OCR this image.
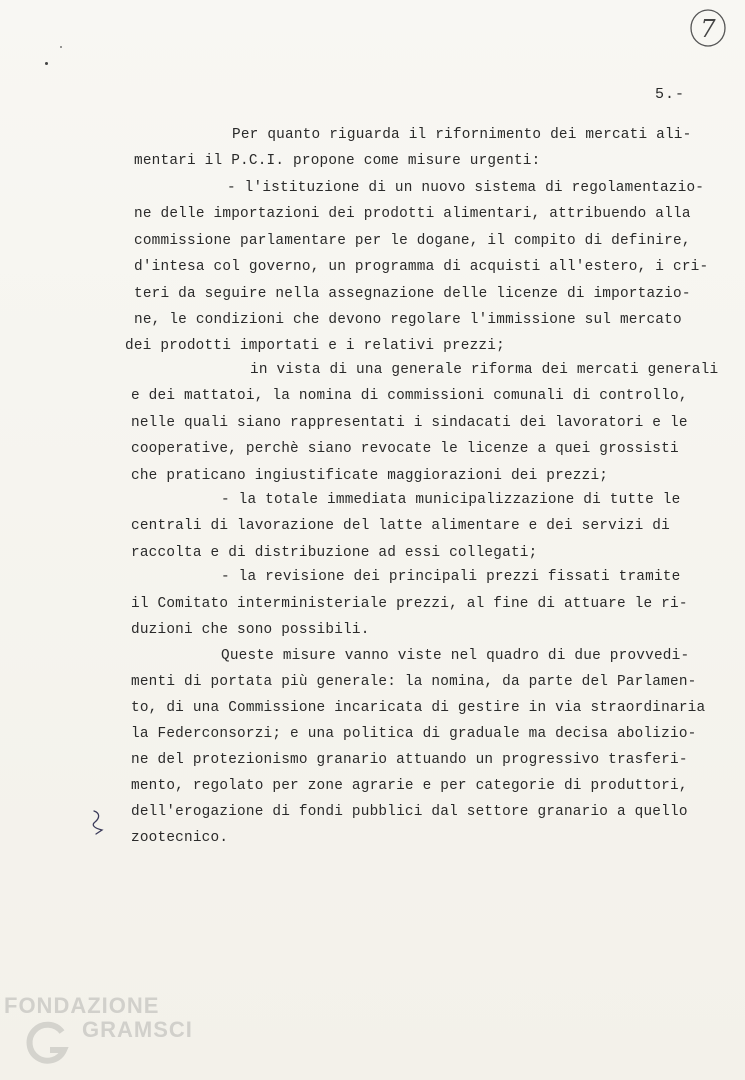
7
5.-
Per quanto riguarda il rifornimento dei mercati ali-
mentari il P.C.I. propone come misure urgenti:
- l'istituzione di un nuovo sistema di regolamentazio-
ne delle importazioni dei prodotti alimentari, attribuendo alla
commissione parlamentare per le dogane, il compito di definire,
d'intesa col governo, un programma di acquisti all'estero, i cri-
teri da seguire nella assegnazione delle licenze di importazio-
ne, le condizioni che devono regolare l'immissione sul mercato
dei prodotti importati e i relativi prezzi;
in vista di una generale riforma dei mercati generali
e dei mattatoi, la nomina di commissioni comunali di controllo,
nelle quali siano rappresentati i sindacati dei lavoratori e le
cooperative, perchè siano revocate le licenze a quei grossisti
che praticano ingiustificate maggiorazioni dei prezzi;
- la totale immediata municipalizzazione di tutte le
centrali di lavorazione del latte alimentare e dei servizi di
raccolta e di distribuzione ad essi collegati;
- la revisione dei principali prezzi fissati tramite
il Comitato interministeriale prezzi, al fine di attuare le ri-
duzioni che sono possibili.
Queste misure vanno viste nel quadro di due provvedi-
menti di portata più generale: la nomina, da parte del Parlamen-
to, di una Commissione incaricata di gestire in via straordinaria
la Federconsorzi; e una politica di graduale ma decisa abolizio-
ne del protezionismo granario attuando un progressivo trasferi-
mento, regolato per zone agrarie e per categorie di produttori,
dell'erogazione di fondi pubblici dal settore granario a quello
zootecnico.
FONDAZIONE
GRAMSCI
